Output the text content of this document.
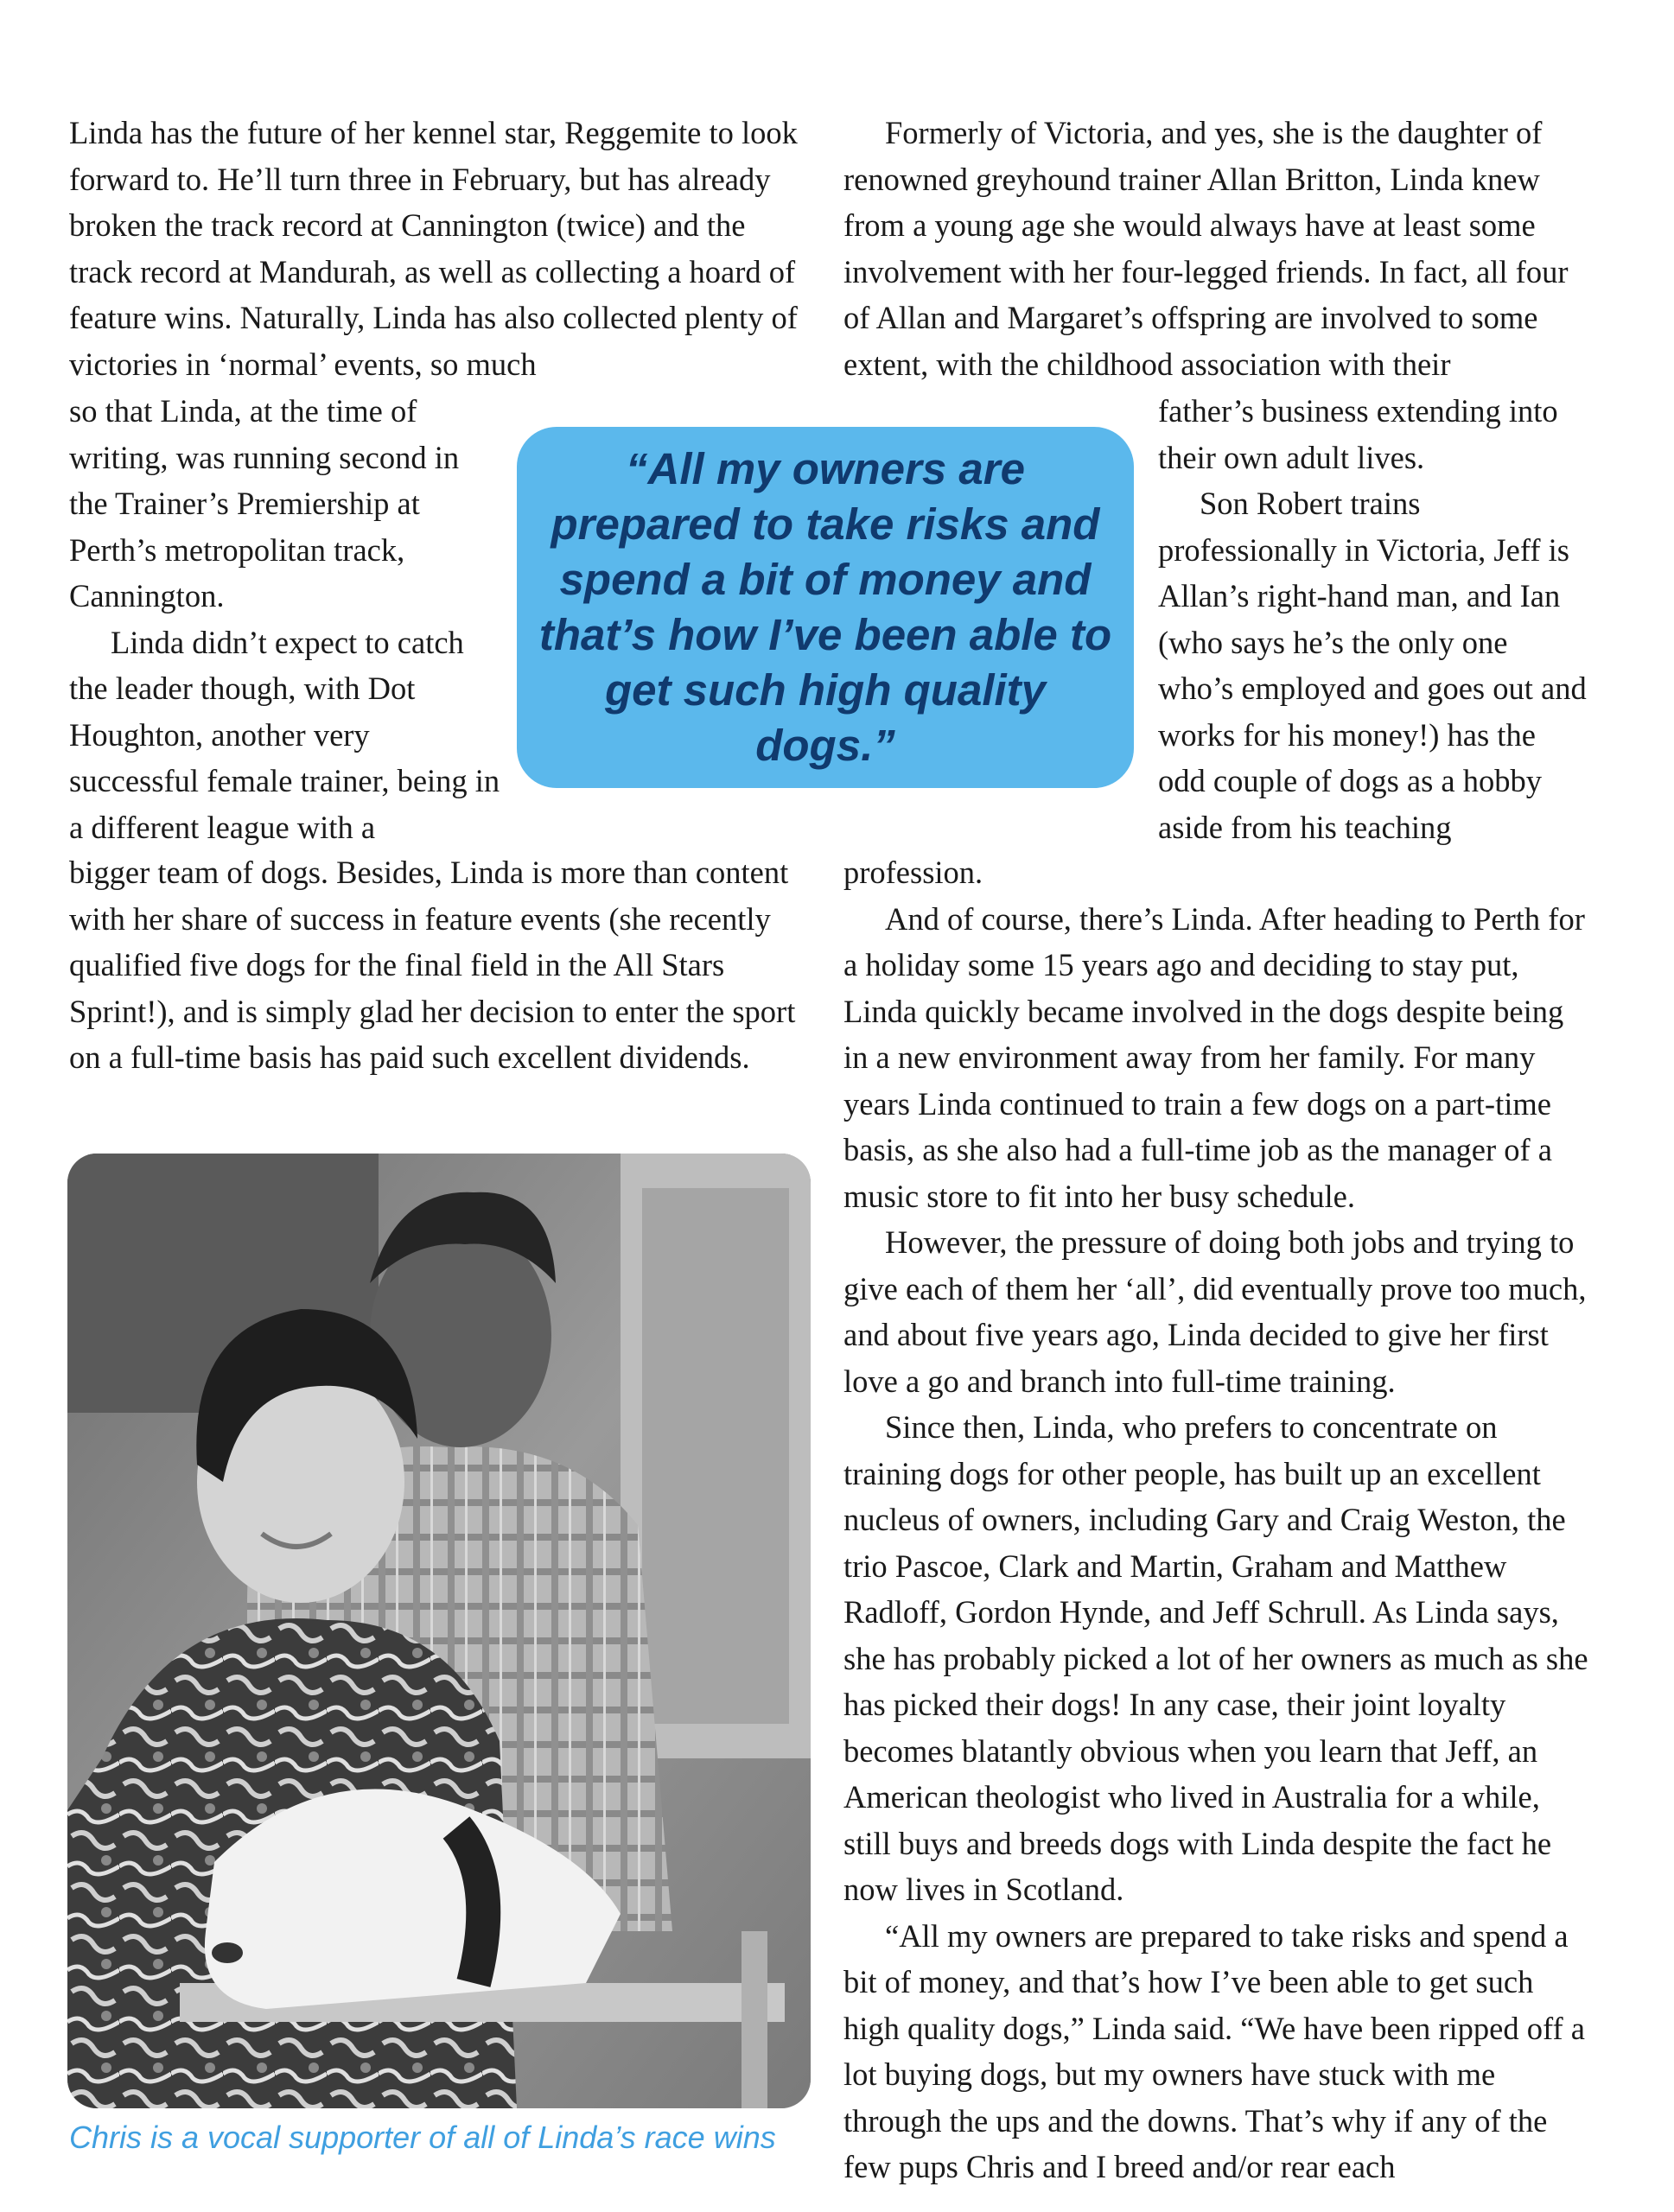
Linda has the future of her kennel star, Reggemite to look forward to. He’ll turn three in February, but has already broken the track record at Cannington (twice) and the track record at Mandurah, as well as collecting a hoard of feature wins. Naturally, Linda has also collected plenty of victories in ‘normal’ events, so much

so that Linda, at the time of writing, was running second in the Trainer’s Premiership at Perth’s metropolitan track, Cannington.

Linda didn’t expect to catch the leader though, with Dot Houghton, another very successful female trainer, being in a different league with a

bigger team of dogs. Besides, Linda is more than content with her share of success in feature events (she recently qualified five dogs for the final field in the All Stars Sprint!), and is simply glad her decision to enter the sport on a full-time basis has paid such excellent dividends.

Formerly of Victoria, and yes, she is the daughter of renowned greyhound trainer Allan Britton, Linda knew from a young age she would always have at least some involvement with her four-legged friends. In fact, all four of Allan and Margaret’s offspring are involved to some extent, with the childhood association with their

father’s business extending into their own adult lives.

Son Robert trains professionally in Victoria, Jeff is Allan’s right-hand man, and Ian (who says he’s the only one who’s employed and goes out and works for his money!) has the odd couple of dogs as a hobby aside from his teaching

profession.

And of course, there’s Linda. After heading to Perth for a holiday some 15 years ago and deciding to stay put, Linda quickly became involved in the dogs despite being in a new environment away from her family. For many years Linda continued to train a few dogs on a part-time basis, as she also had a full-time job as the manager of a music store to fit into her busy schedule.

However, the pressure of doing both jobs and trying to give each of them her ‘all’, did eventually prove too much, and about five years ago, Linda decided to give her first love a go and branch into full-time training.

Since then, Linda, who prefers to concentrate on training dogs for other people, has built up an excellent nucleus of owners, including Gary and Craig Weston, the trio Pascoe, Clark and Martin, Graham and Matthew Radloff, Gordon Hynde, and Jeff Schrull. As Linda says, she has probably picked a lot of her owners as much as she has picked their dogs! In any case, their joint loyalty becomes blatantly obvious when you learn that Jeff, an American theologist who lived in Australia for a while, still buys and breeds dogs with Linda despite the fact he now lives in Scotland.

“All my owners are prepared to take risks and spend a bit of money, and that’s how I’ve been able to get such high quality dogs,” Linda said. “We have been ripped off a lot buying dogs, but my owners have stuck with me through the ups and the downs. That’s why if any of the few pups Chris and I breed and/or rear each

“All my owners are prepared to take risks and spend a bit of money and that’s how I’ve been able to get such high quality dogs.”
Chris is a vocal supporter of all of Linda’s race wins
